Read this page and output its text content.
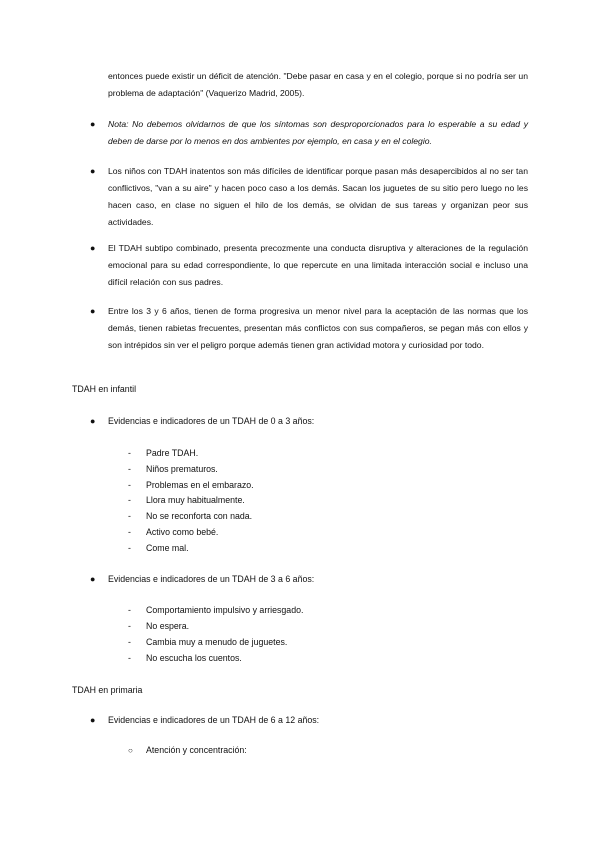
entonces puede existir un déficit de atención. "Debe pasar en casa y en el colegio, porque si no podría ser un problema de adaptación" (Vaquerizo Madrid, 2005).
● Nota: No debemos olvidarnos de que los síntomas son desproporcionados para lo esperable a su edad y deben de darse por lo menos en dos ambientes por ejemplo, en casa y en el colegio.
● Los niños con TDAH inatentos son más difíciles de identificar porque pasan más desapercibidos al no ser tan conflictivos, "van a su aire" y hacen poco caso a los demás. Sacan los juguetes de su sitio pero luego no les hacen caso, en clase no siguen el hilo de los demás, se olvidan de sus tareas y organizan peor sus actividades.
● El TDAH subtipo combinado, presenta precozmente una conducta disruptiva y alteraciones de la regulación emocional para su edad correspondiente, lo que repercute en una limitada interacción social e incluso una difícil relación con sus padres.
● Entre los 3 y 6 años, tienen de forma progresiva un menor nivel para la aceptación de las normas que los demás, tienen rabietas frecuentes, presentan más conflictos con sus compañeros, se pegan más con ellos y son intrépidos sin ver el peligro porque además tienen gran actividad motora y curiosidad por todo.
TDAH en infantil
● Evidencias e indicadores de un TDAH de 0 a 3 años:
- Padre TDAH.
- Niños prematuros.
- Problemas en el embarazo.
- Llora muy habitualmente.
- No se reconforta con nada.
- Activo como bebé.
- Come mal.
● Evidencias e indicadores de un TDAH de 3 a 6 años:
- Comportamiento impulsivo y arriesgado.
- No espera.
- Cambia muy a menudo de juguetes.
- No escucha los cuentos.
TDAH en primaria
● Evidencias e indicadores de un TDAH de 6 a 12 años:
○ Atención y concentración:
